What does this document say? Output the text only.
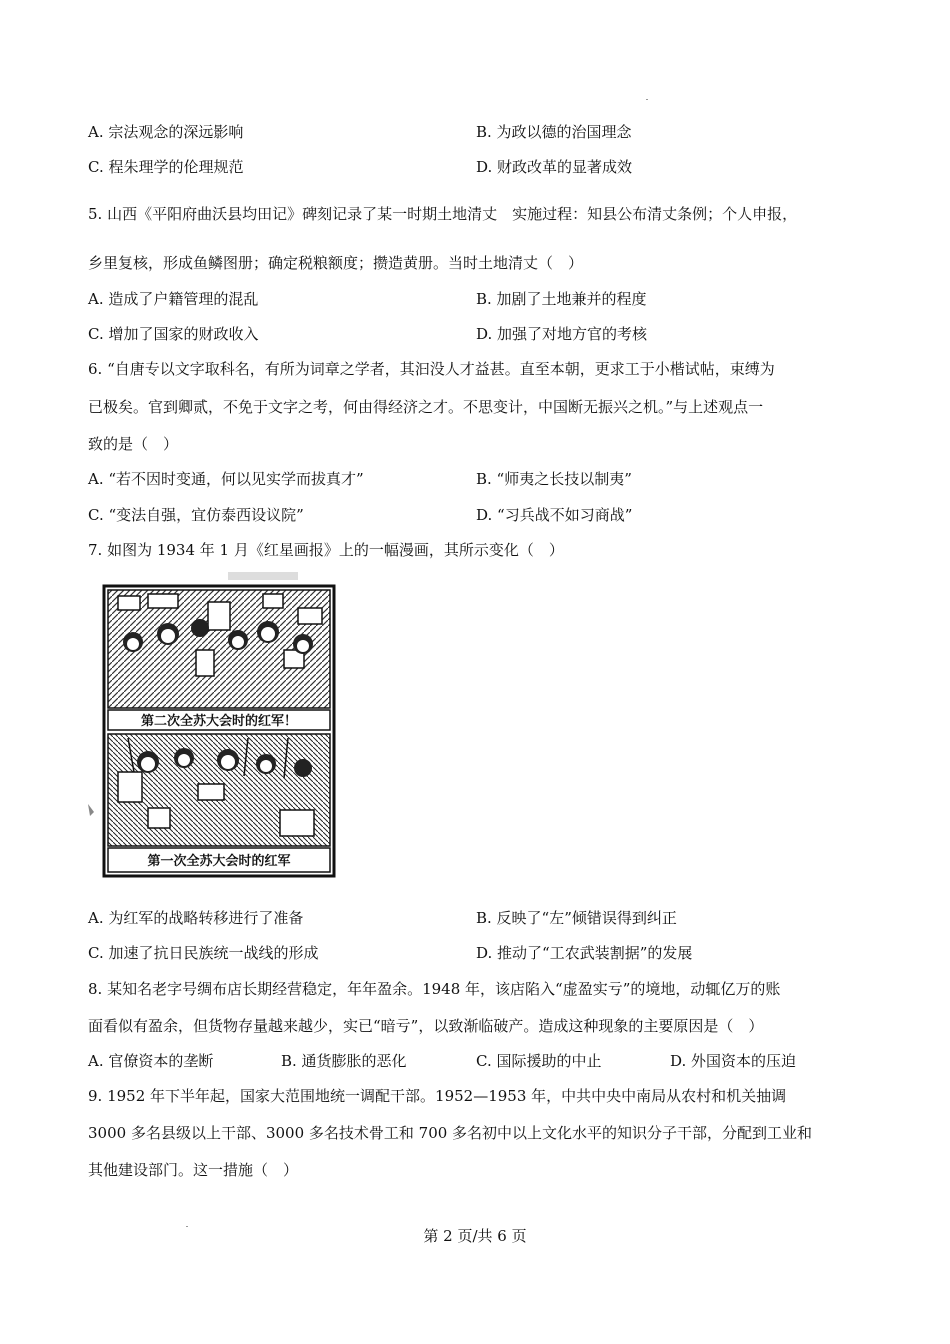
A. 宗法观念的深远影响	B. 为政以德的治国理念
C. 程朱理学的伦理规范	D. 财政改革的显著成效
5. 山西《平阳府曲沃县均田记》碑刻记录了某一时期土地清丈　实施过程：知县公布清丈条例；个人申报，
乡里复核，形成鱼鳞图册；确定税粮额度；攒造黄册。当时土地清丈（　）
A. 造成了户籍管理的混乱	B. 加剧了土地兼并的程度
C. 增加了国家的财政收入	D. 加强了对地方官的考核
6. “自唐专以文字取科名，有所为词章之学者，其汩没人才益甚。直至本朝，更求工于小楷试帖，束缚为
已极矣。官到卿贰，不免于文字之考，何由得经济之才。不思变计，中国断无振兴之机。”与上述观点一
致的是（　）
A. “若不因时变通，何以见实学而拔真才”	B. “师夷之长技以制夷”
C. “变法自强，宜仿泰西设议院”	D. “习兵战不如习商战”
7. 如图为 1934 年 1 月《红星画报》上的一幅漫画，其所示变化（　）
第二次全苏大会时的红军！
第一次全苏大会时的红军
A. 为红军的战略转移进行了准备	B. 反映了“左”倾错误得到纠正
C. 加速了抗日民族统一战线的形成	D. 推动了“工农武装割据”的发展
8. 某知名老字号绸布店长期经营稳定，年年盈余。1948 年，该店陷入“虚盈实亏”的境地，动辄亿万的账
面看似有盈余，但货物存量越来越少，实已“暗亏”，以致渐临破产。造成这种现象的主要原因是（　）
A. 官僚资本的垄断	B. 通货膨胀的恶化	C. 国际援助的中止	D. 外国资本的压迫
9. 1952 年下半年起，国家大范围地统一调配干部。1952—1953 年，中共中央中南局从农村和机关抽调
3000 多名县级以上干部、3000 多名技术骨工和 700 多名初中以上文化水平的知识分子干部，分配到工业和
其他建设部门。这一措施（　）
第 2 页/共 6 页
